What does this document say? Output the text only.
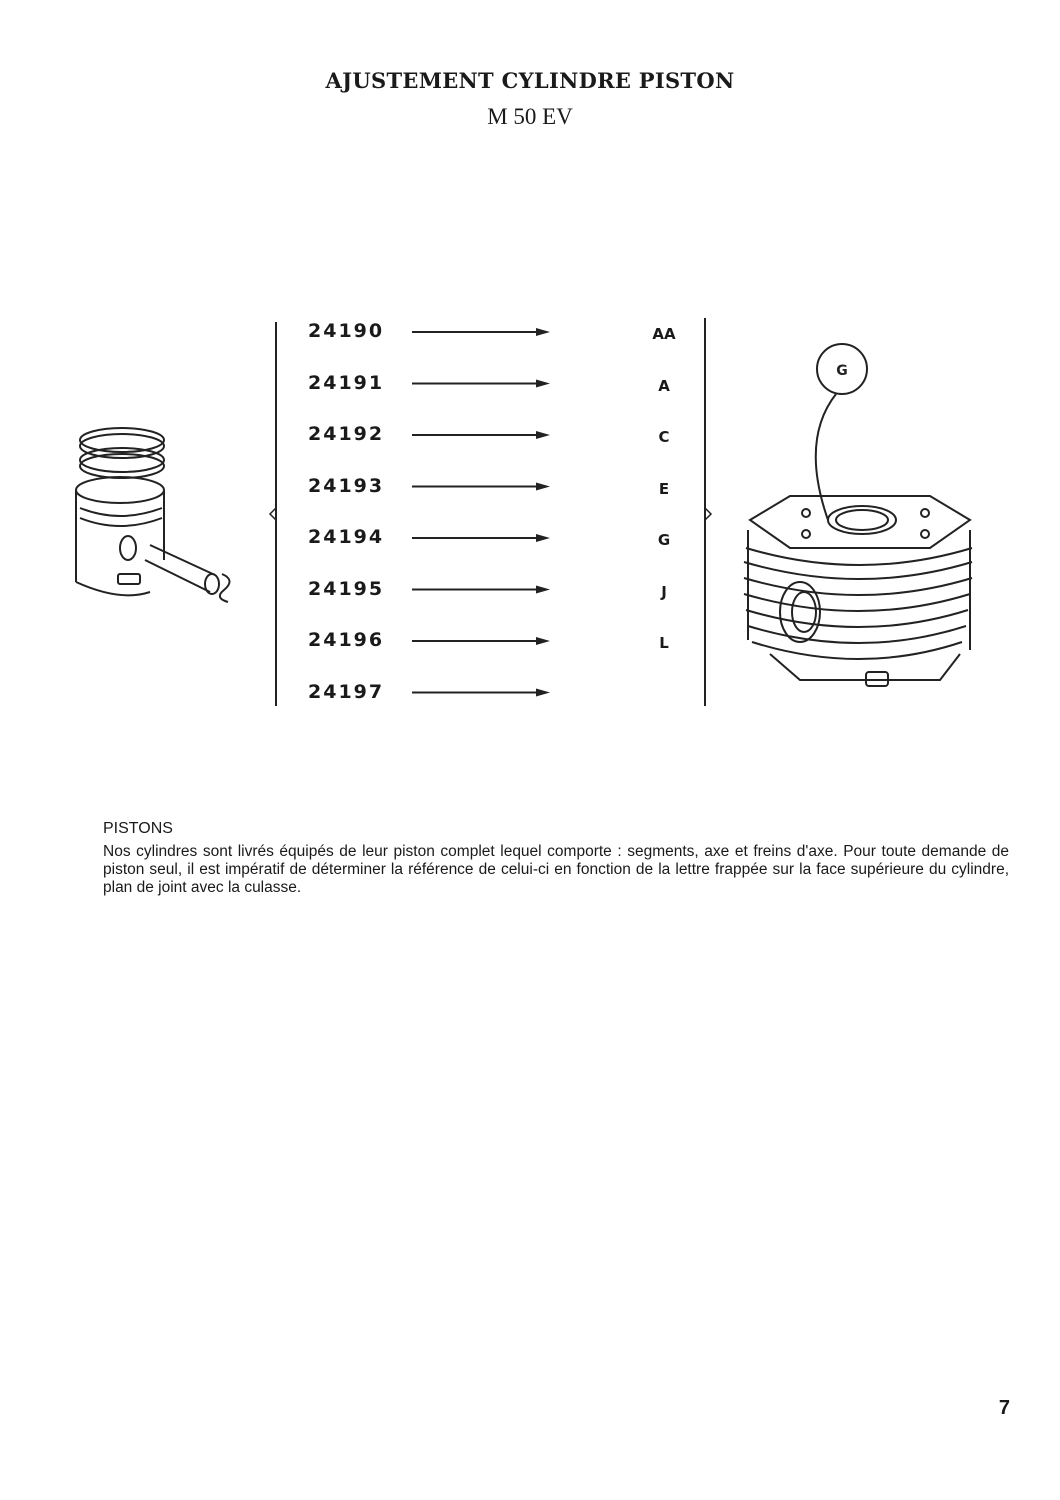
AJUSTEMENT CYLINDRE PISTON
M 50 EV
G
24190	AA
24191	A
24192	C
24193	E
24194	G
24195	J
24196	L
24197
PISTONS
Nos cylindres sont livrés équipés de leur piston complet lequel comporte : segments, axe et freins d'axe. Pour toute demande de piston seul, il est impératif de déterminer la référence de celui-ci en fonction de la lettre frappée sur la face supérieure du cylindre, plan de joint avec la culasse.
7
